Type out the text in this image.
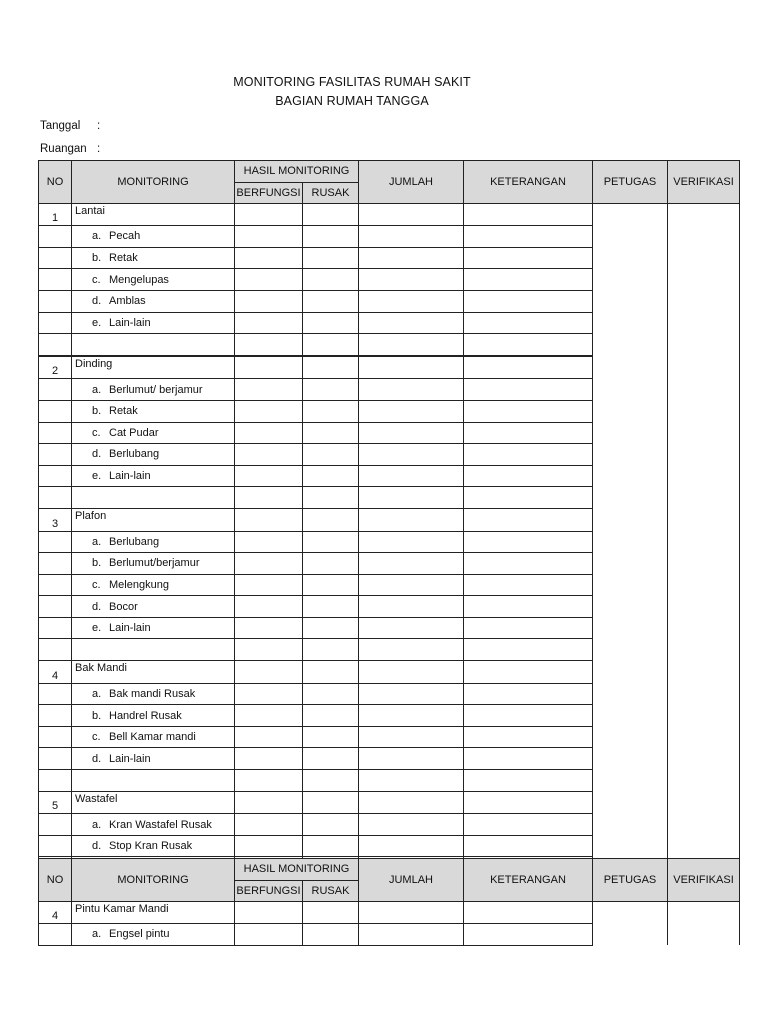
MONITORING FASILITAS RUMAH SAKIT
BAGIAN RUMAH TANGGA
Tanggal :
Ruangan :
NO	MONITORING	HASIL MONITORING		JUMLAH	KETERANGAN	PETUGAS	VERIFIKASI
		BERFUNGSI	RUSAK				
1	Lantai						
	a. Pecah						
	b. Retak						
	c. Mengelupas						
	d. Amblas						
	e. Lain-lain						

2	Dinding						
	a. Berlumut/ berjamur						
	b. Retak						
	c. Cat Pudar						
	d. Berlubang						
	e. Lain-lain						

3	Plafon						
	a. Berlubang						
	b. Berlumut/berjamur						
	c. Melengkung						
	d. Bocor						
	e. Lain-lain						

4	Bak Mandi						
	a. Bak mandi Rusak						
	b. Handrel Rusak						
	c. Bell Kamar mandi						
	d. Lain-lain						

5	Wastafel						
	a. Kran Wastafel Rusak						
	d. Stop Kran Rusak						

NO	MONITORING	HASIL MONITORING		JUMLAH	KETERANGAN	PETUGAS	VERIFIKASI
		BERFUNGSI	RUSAK				
4	Pintu Kamar Mandi						
	a. Engsel pintu						
